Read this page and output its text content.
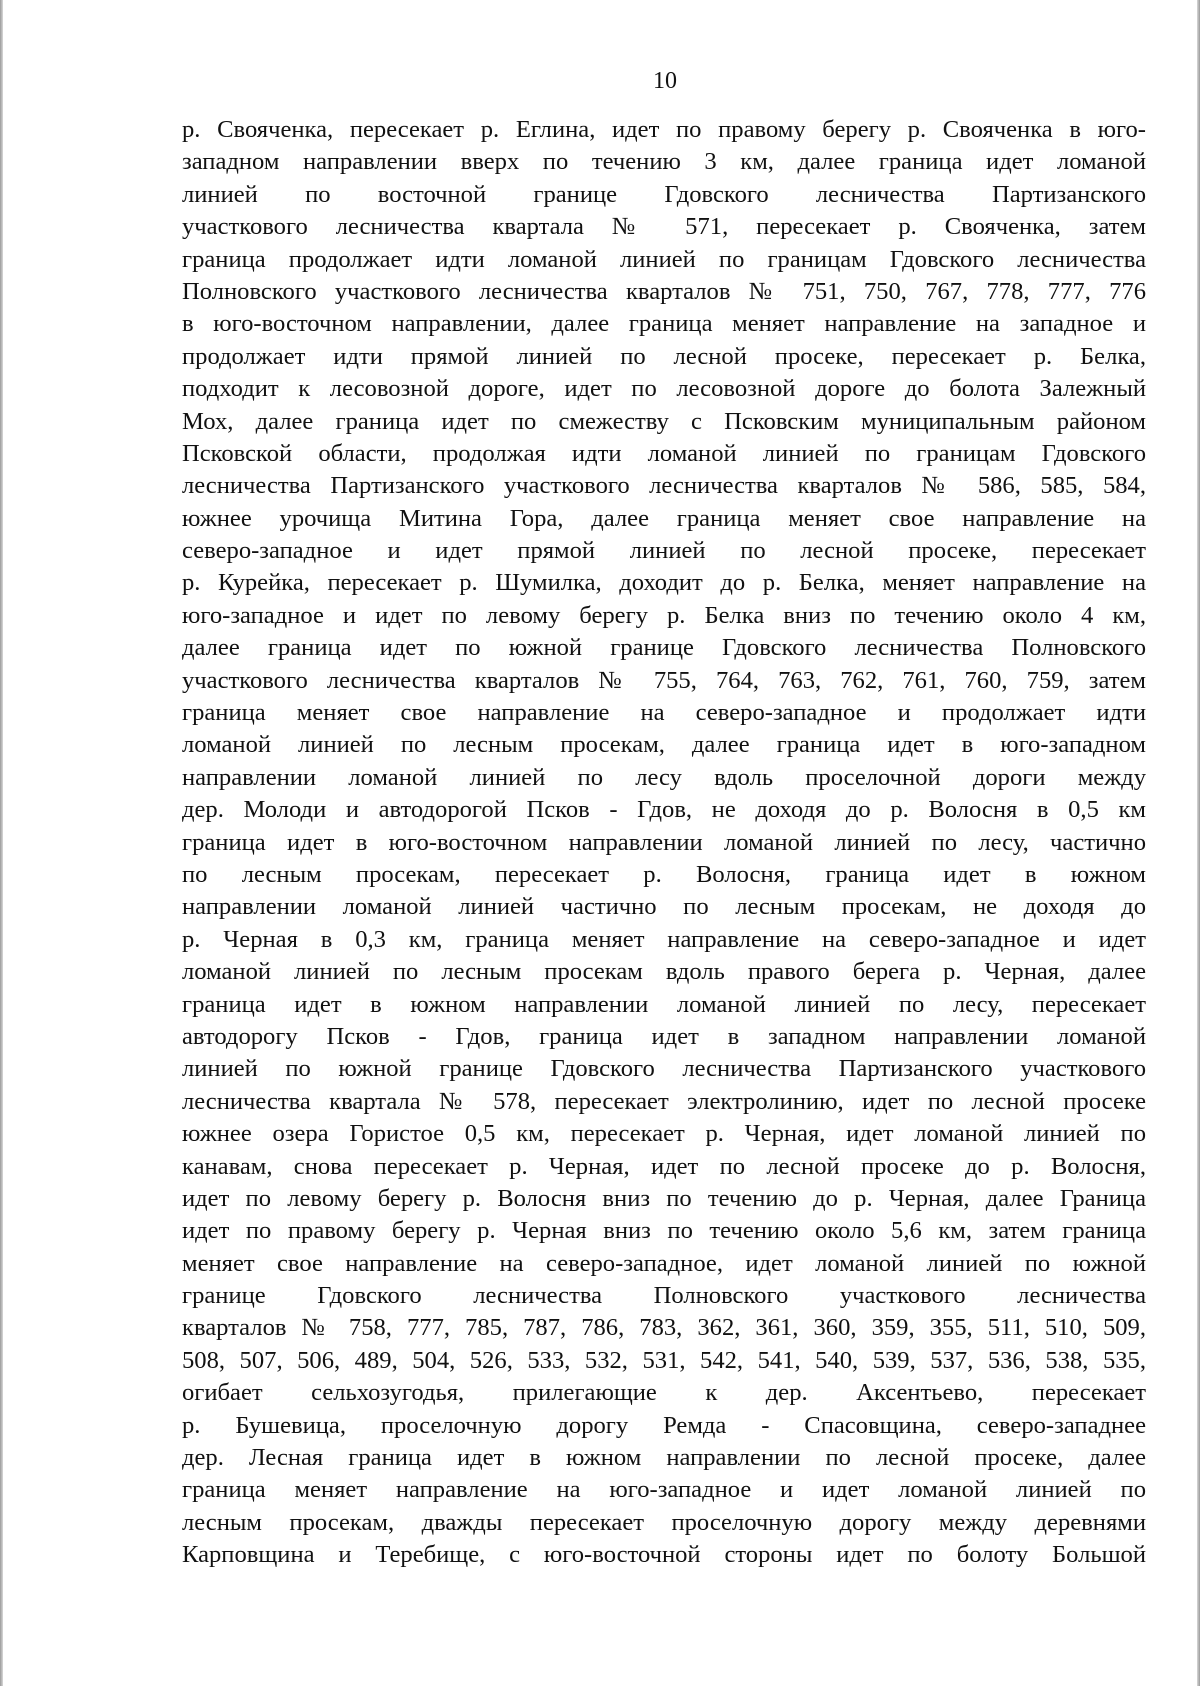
10
р. Свояченка, пересекает р. Еглина, идет по правому берегу р. Свояченка в юго-
западном направлении вверх по течению 3 км, далее граница идет ломаной
линией по восточной границе Гдовского лесничества Партизанского
участкового лесничества квартала № 571, пересекает р. Свояченка, затем
граница продолжает идти ломаной линией по границам Гдовского лесничества
Полновского участкового лесничества кварталов № 751, 750, 767, 778, 777, 776
в юго-восточном направлении, далее граница меняет направление на западное и
продолжает идти прямой линией по лесной просеке, пересекает р. Белка,
подходит к лесовозной дороге, идет по лесовозной дороге до болота Залежный
Мох, далее граница идет по смежеству с Псковским муниципальным районом
Псковской области, продолжая идти ломаной линией по границам Гдовского
лесничества Партизанского участкового лесничества кварталов № 586, 585, 584,
южнее урочища Митина Гора, далее граница меняет свое направление на
северо-западное и идет прямой линией по лесной просеке, пересекает
р. Курейка, пересекает р. Шумилка, доходит до р. Белка, меняет направление на
юго-западное и идет по левому берегу р. Белка вниз по течению около 4 км,
далее граница идет по южной границе Гдовского лесничества Полновского
участкового лесничества кварталов № 755, 764, 763, 762, 761, 760, 759, затем
граница меняет свое направление на северо-западное и продолжает идти
ломаной линией по лесным просекам, далее граница идет в юго-западном
направлении ломаной линией по лесу вдоль проселочной дороги между
дер. Молоди и автодорогой Псков - Гдов, не доходя до р. Волосня в 0,5 км
граница идет в юго-восточном направлении ломаной линией по лесу, частично
по лесным просекам, пересекает р. Волосня, граница идет в южном
направлении ломаной линией частично по лесным просекам, не доходя до
р. Черная в 0,3 км, граница меняет направление на северо-западное и идет
ломаной линией по лесным просекам вдоль правого берега р. Черная, далее
граница идет в южном направлении ломаной линией по лесу, пересекает
автодорогу Псков - Гдов, граница идет в западном направлении ломаной
линией по южной границе Гдовского лесничества Партизанского участкового
лесничества квартала № 578, пересекает электролинию, идет по лесной просеке
южнее озера Гористое 0,5 км, пересекает р. Черная, идет ломаной линией по
канавам, снова пересекает р. Черная, идет по лесной просеке до р. Волосня,
идет по левому берегу р. Волосня вниз по течению до р. Черная, далее Граница
идет по правому берегу р. Черная вниз по течению около 5,6 км, затем граница
меняет свое направление на северо-западное, идет ломаной линией по южной
границе Гдовского лесничества Полновского участкового лесничества
кварталов № 758, 777, 785, 787, 786, 783, 362, 361, 360, 359, 355, 511, 510, 509,
508, 507, 506, 489, 504, 526, 533, 532, 531, 542, 541, 540, 539, 537, 536, 538, 535,
огибает сельхозугодья, прилегающие к дер. Аксентьево, пересекает
р. Бушевица, проселочную дорогу Ремда - Спасовщина, северо-западнее
дер. Лесная граница идет в южном направлении по лесной просеке, далее
граница меняет направление на юго-западное и идет ломаной линией по
лесным просекам, дважды пересекает проселочную дорогу между деревнями
Карповщина и Теребище, с юго-восточной стороны идет по болоту Большой
